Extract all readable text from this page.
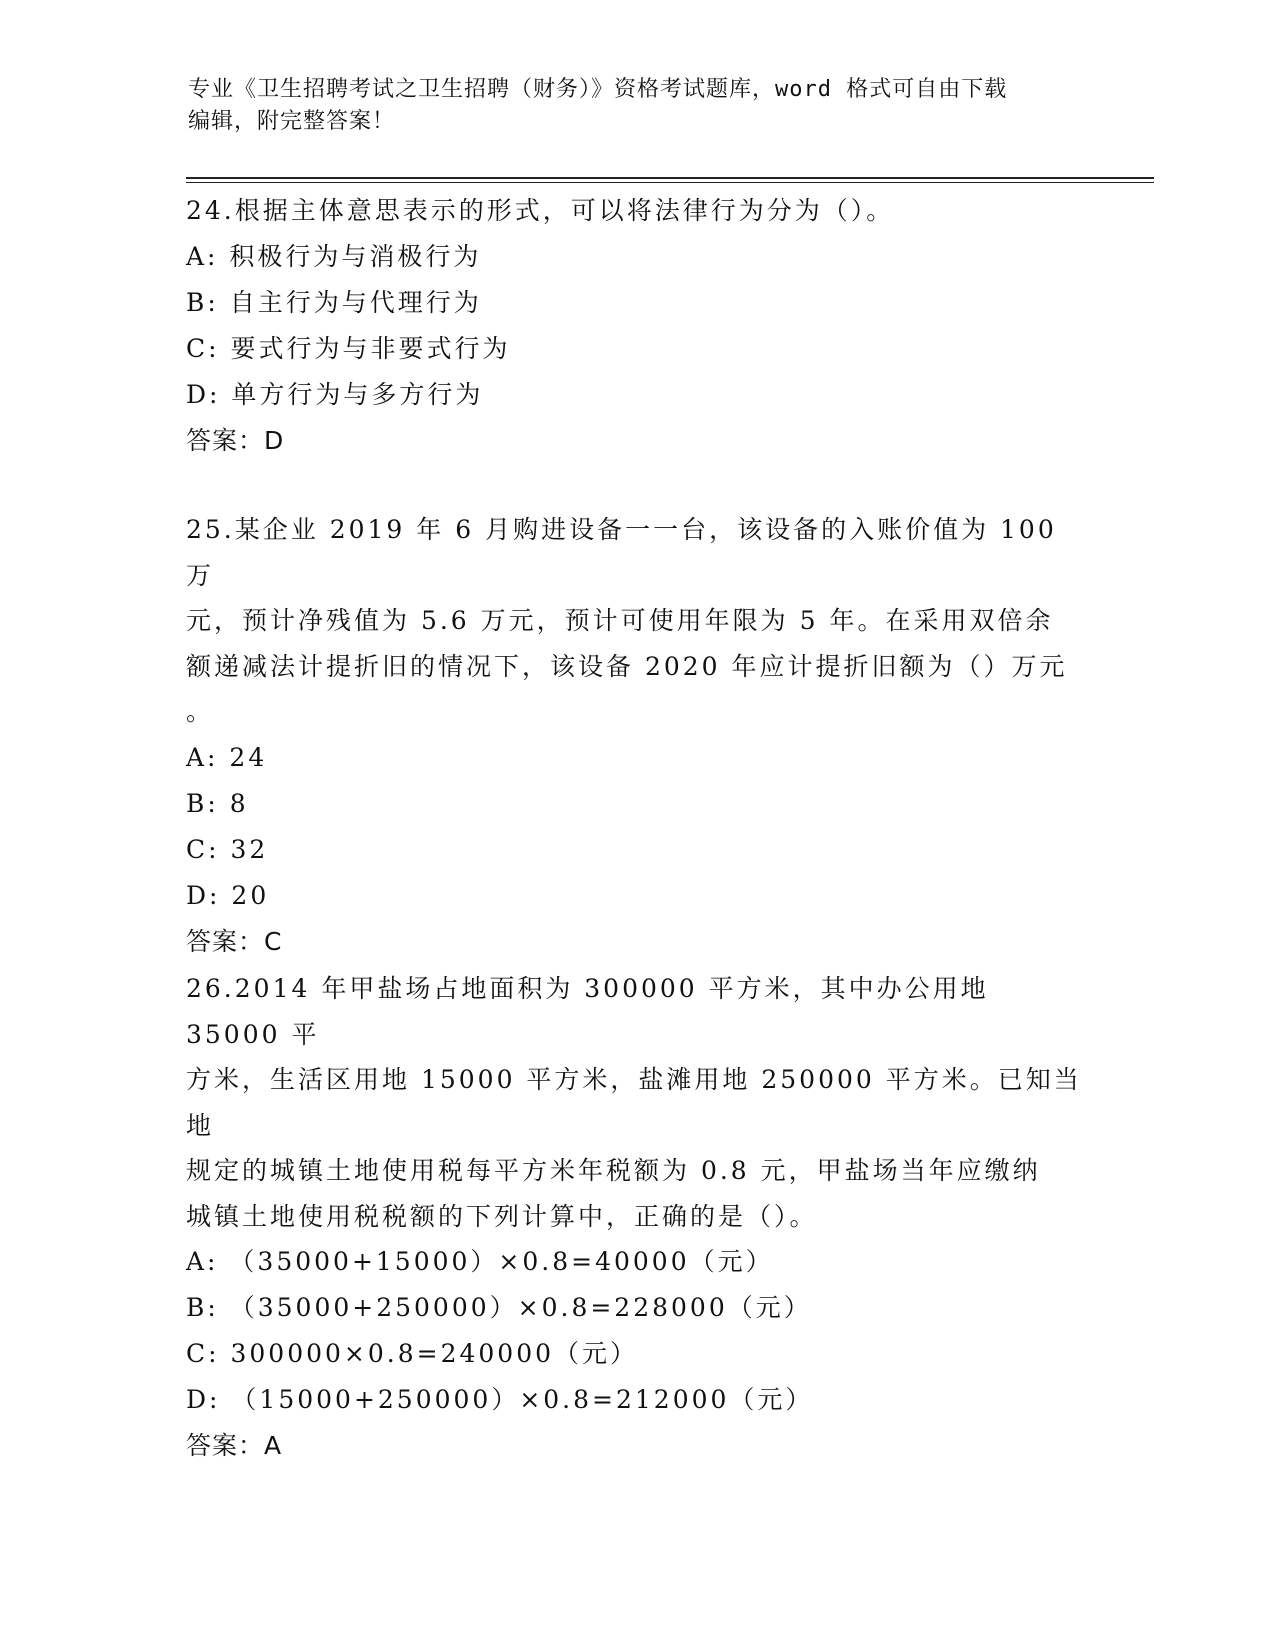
专业《卫生招聘考试之卫生招聘（财务）》资格考试题库，word 格式可自由下载
编辑，附完整答案！

24.根据主体意思表示的形式，可以将法律行为分为（）。

A: 积极行为与消极行为

B: 自主行为与代理行为

C: 要式行为与非要式行为

D: 单方行为与多方行为

答案：D

25.某企业 2019 年 6 月购进设备一一台，该设备的入账价值为 100 万

元，预计净残值为 5.6 万元，预计可使用年限为 5 年。在采用双倍余

额递减法计提折旧的情况下，该设备 2020 年应计提折旧额为（）万元

。

A: 24

B: 8

C: 32

D: 20

答案：C

26.2014 年甲盐场占地面积为 300000 平方米，其中办公用地 35000 平

方米，生活区用地 15000 平方米，盐滩用地 250000 平方米。已知当地

规定的城镇土地使用税每平方米年税额为 0.8 元，甲盐场当年应缴纳

城镇土地使用税税额的下列计算中，正确的是（）。

A: （35000+15000）×0.8=40000（元）

B: （35000+250000）×0.8=228000（元）

C: 300000×0.8=240000（元）

D: （15000+250000）×0.8=212000（元）

答案：A
